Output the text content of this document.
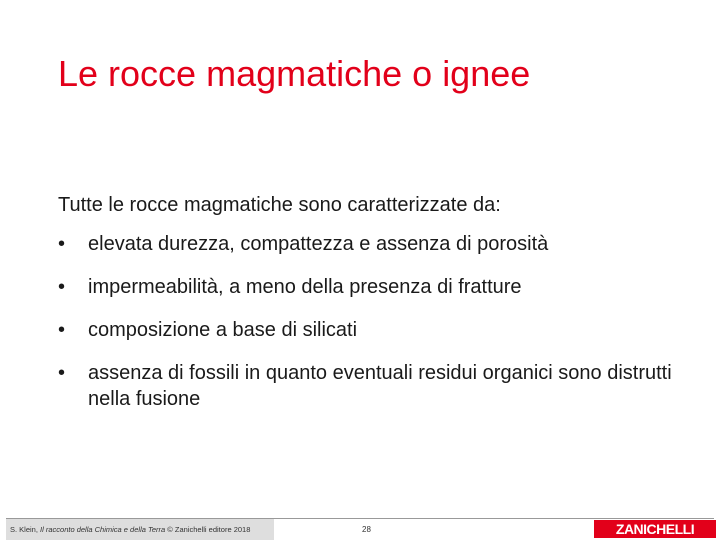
Le rocce magmatiche o ignee

Tutte le rocce magmatiche sono caratterizzate da:

• elevata durezza, compattezza e assenza di porosità
• impermeabilità, a meno della presenza di fratture
• composizione a base di silicati
• assenza di fossili in quanto eventuali residui organici sono distrutti nella fusione
S. Klein, Il racconto della Chimica e della Terra © Zanichelli editore 2018	28	ZANICHELLI
